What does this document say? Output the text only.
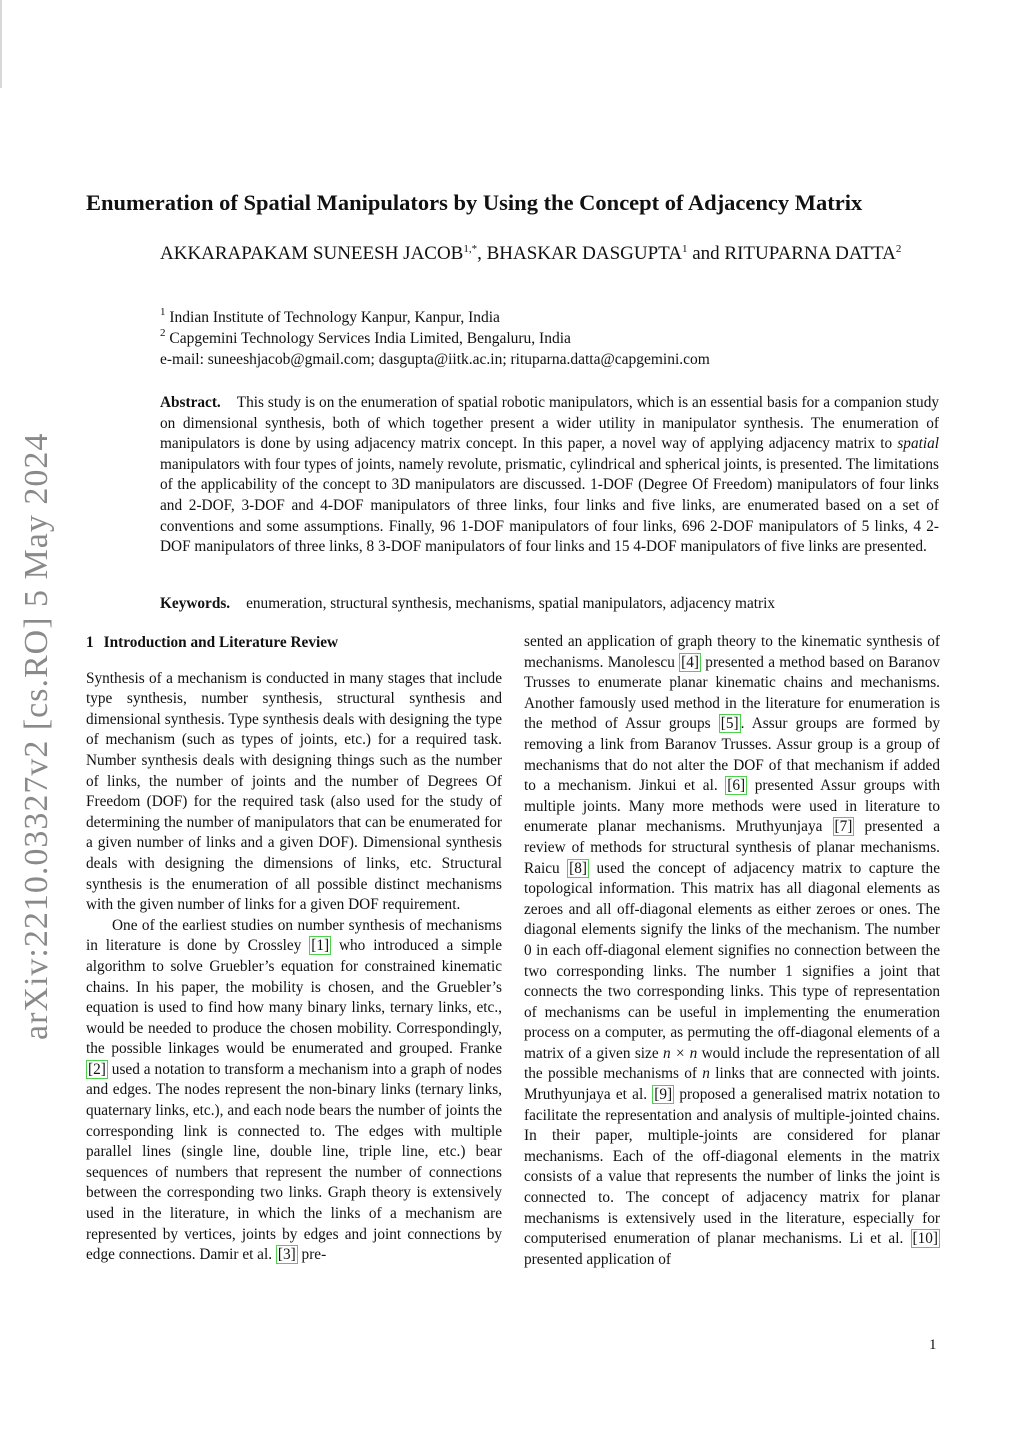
arXiv:2210.03327v2 [cs.RO] 5 May 2024
Enumeration of Spatial Manipulators by Using the Concept of Adjacency Matrix
AKKARAPAKAM SUNEESH $JACOB^{1,*}$, BHASKAR DASGUPTA$^1$ and RITUPARNA DATTA$^2$
$^1$ Indian Institute of Technology Kanpur, Kanpur, India
$^2$ Capgemini Technology Services India Limited, Bengaluru, India
e-mail: suneeshjacob@gmail.com; dasgupta@iitk.ac.in; rituparna.datta@capgemini.com
Abstract. This study is on the enumeration of spatial robotic manipulators, which is an essential basis for a companion study on dimensional synthesis, both of which together present a wider utility in manipulator synthesis. The enumeration of manipulators is done by using adjacency matrix concept. In this paper, a novel way of applying adjacency matrix to spatial manipulators with four types of joints, namely revolute, prismatic, cylindrical and spherical joints, is presented. The limitations of the applicability of the concept to 3D manipulators are discussed. 1-DOF (Degree Of Freedom) manipulators of four links and 2-DOF, 3-DOF and 4-DOF manipulators of three links, four links and five links, are enumerated based on a set of conventions and some assumptions. Finally, 96 1-DOF manipulators of four links, 696 2-DOF manipulators of 5 links, 4 2-DOF manipulators of three links, 8 3-DOF manipulators of four links and 15 4-DOF manipulators of five links are presented.
Keywords. enumeration, structural synthesis, mechanisms, spatial manipulators, adjacency matrix
1 Introduction and Literature Review

Synthesis of a mechanism is conducted in many stages that include type synthesis, number synthesis, structural synthesis and dimensional synthesis. Type synthesis deals with designing the type of mechanism (such as types of joints, etc.) for a required task. Number synthesis deals with designing things such as the number of links, the number of joints and the number of Degrees Of Freedom (DOF) for the required task (also used for the study of determining the number of manipulators that can be enumerated for a given number of links and a given DOF). Dimensional synthesis deals with designing the dimensions of links, etc. Structural synthesis is the enumeration of all possible distinct mechanisms with the given number of links for a given DOF requirement.

One of the earliest studies on number synthesis of mechanisms in literature is done by Crossley [1] who introduced a simple algorithm to solve Gruebler’s equation for constrained kinematic chains. In his paper, the mobility is chosen, and the Gruebler’s equation is used to find how many binary links, ternary links, etc., would be needed to produce the chosen mobility. Correspondingly, the possible linkages would be enumerated and grouped. Franke [2] used a notation to transform a mechanism into a graph of nodes and edges. The nodes represent the non-binary links (ternary links, quaternary links, etc.), and each node bears the number of joints the corresponding link is connected to. The edges with multiple parallel lines (single line, double line, triple line, etc.) bear sequences of numbers that represent the number of connections between the corresponding two links. Graph theory is extensively used in the literature, in which the links of a mechanism are represented by vertices, joints by edges and joint connections by edge connections. Damir et al. [3] pre-

sented an application of graph theory to the kinematic synthesis of mechanisms. Manolescu [4] presented a method based on Baranov Trusses to enumerate planar kinematic chains and mechanisms. Another famously used method in the literature for enumeration is the method of Assur groups [5] . Assur groups are formed by removing a link from Baranov Trusses. Assur group is a group of mechanisms that do not alter the DOF of that mechanism if added to a mechanism. Jinkui et al. [6] presented Assur groups with multiple joints. Many more methods were used in literature to enumerate planar mechanisms. Mruthyunjaya [7] presented a review of methods for structural synthesis of planar mechanisms. Raicu [8] used the concept of adjacency matrix to capture the topological information. This matrix has all diagonal elements as zeroes and all off-diagonal elements as either zeroes or ones. The diagonal elements signify the links of the mechanism. The number 0 in each off-diagonal element signifies no connection between the two corresponding links. The number 1 signifies a joint that connects the two corresponding links. This type of representation of mechanisms can be useful in implementing the enumeration process on a computer, as permuting the off-diagonal elements of a matrix of a given size n × n would include the representation of all the possible mechanisms of n links that are connected with joints. Mruthyunjaya et al. [9] proposed a generalised matrix notation to facilitate the representation and analysis of multiple-jointed chains. In their paper, multiple-joints are considered for planar mechanisms. Each of the off-diagonal elements in the matrix consists of a value that represents the number of links the joint is connected to. The concept of adjacency matrix for planar mechanisms is extensively used in the literature, especially for computerised enumeration of planar mechanisms. Li et al. [10] presented application of

1
